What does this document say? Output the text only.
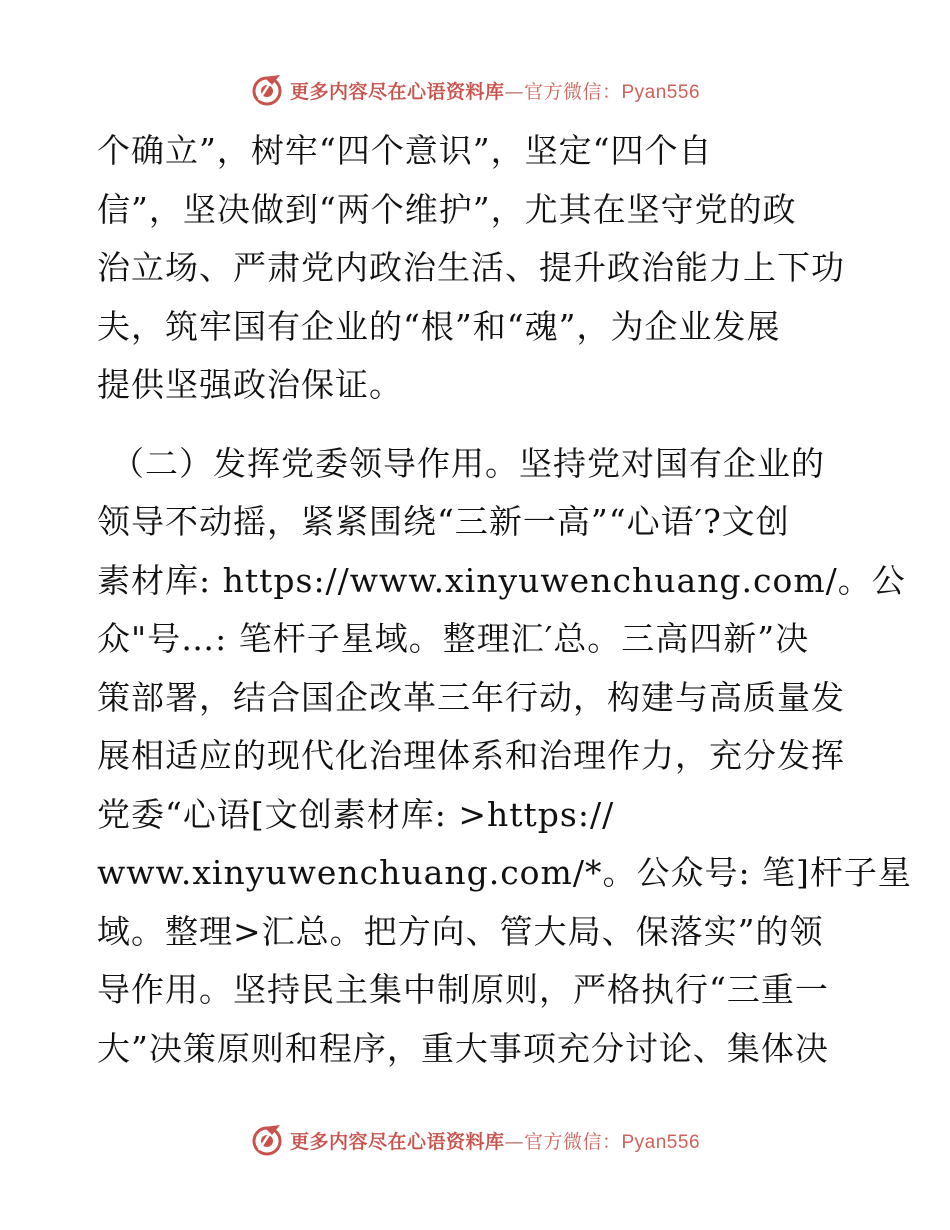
更多内容尽在心语资料库—官方微信：Pyan556
个确立”，树牢“四个意识”，坚定“四个自
信”，坚决做到“两个维护”，尤其在坚守党的政
治立场、严肃党内政治生活、提升政治能力上下功
夫，筑牢国有企业的“根”和“魂”，为企业发展
提供坚强政治保证。
（二）发挥党委领导作用。坚持党对国有企业的
领导不动摇，紧紧围绕“三新一高”“心语′?文创
素材库: https://www.xinyuwenchuang.com/。公
众"号…: 笔杆子星域。整理汇′总。三高四新”决
策部署，结合国企改革三年行动，构建与高质量发
展相适应的现代化治理体系和治理作力，充分发挥
党委“心语[文创素材库: >https://
www.xinyuwenchuang.com/*。公众号: 笔]杆子星
域。整理>汇总。把方向、管大局、保落实”的领
导作用。坚持民主集中制原则，严格执行“三重一
大”决策原则和程序，重大事项充分讨论、集体决
更多内容尽在心语资料库—官方微信：Pyan556
